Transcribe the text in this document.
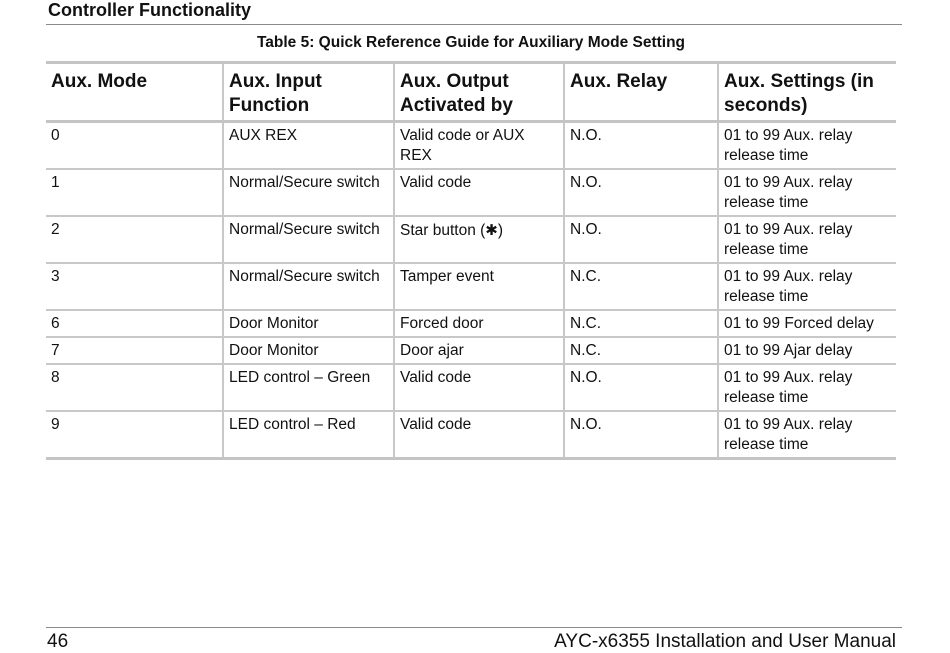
Controller Functionality
Table 5: Quick Reference Guide for Auxiliary Mode Setting
Aux. Mode	Aux. Input Function	Aux. Output Activated by	Aux. Relay	Aux. Settings (in seconds)
0	AUX REX	Valid code or AUX REX	N.O.	01 to 99 Aux. relay release time
1	Normal/Secure switch	Valid code	N.O.	01 to 99 Aux. relay release time
2	Normal/Secure switch	Star button (✱)	N.O.	01 to 99 Aux. relay release time
3	Normal/Secure switch	Tamper event	N.C.	01 to 99 Aux. relay release time
6	Door Monitor	Forced door	N.C.	01 to 99 Forced delay
7	Door Monitor	Door ajar	N.C.	01 to 99 Ajar delay
8	LED control – Green	Valid code	N.O.	01 to 99 Aux. relay release time
9	LED control – Red	Valid code	N.O.	01 to 99 Aux. relay release time
46	AYC-x6355 Installation and User Manual
